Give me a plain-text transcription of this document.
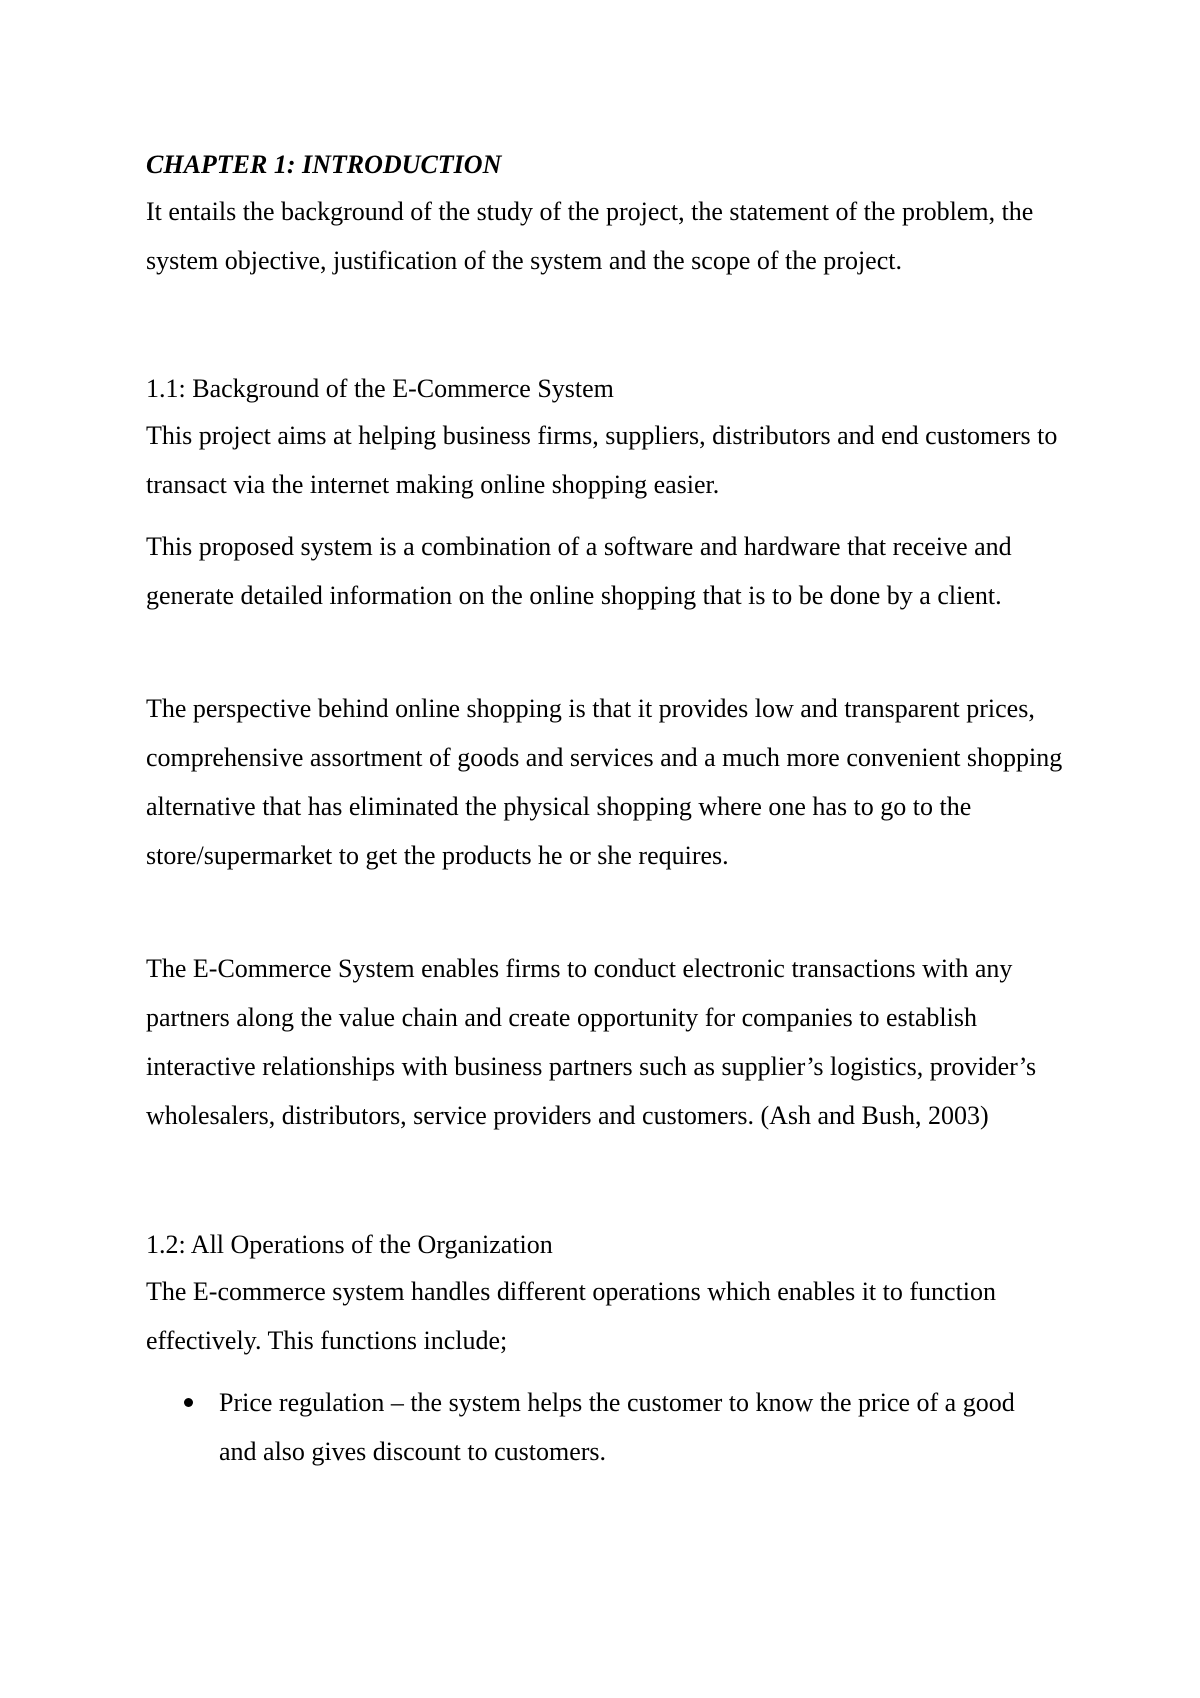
CHAPTER 1: INTRODUCTION

It entails the background of the study of the project, the statement of the problem, the system objective, justification of the system and the scope of the project.

1.1: Background of the E-Commerce System

This project aims at helping business firms, suppliers, distributors and end customers to transact via the internet making online shopping easier.

This proposed system is a combination of a software and hardware that receive and generate detailed information on the online shopping that is to be done by a client.

The perspective behind online shopping is that it provides low and transparent prices, comprehensive assortment of goods and services and a much more convenient shopping alternative that has eliminated the physical shopping where one has to go to the store/supermarket to get the products he or she requires.

The E-Commerce System enables firms to conduct electronic transactions with any partners along the value chain and create opportunity for companies to establish interactive relationships with business partners such as supplier’s logistics, provider’s wholesalers, distributors, service providers and customers. (Ash and Bush, 2003)

1.2: All Operations of the Organization

The E-commerce system handles different operations which enables it to function effectively. This functions include;

Price regulation – the system helps the customer to know the price of a good and also gives discount to customers.
